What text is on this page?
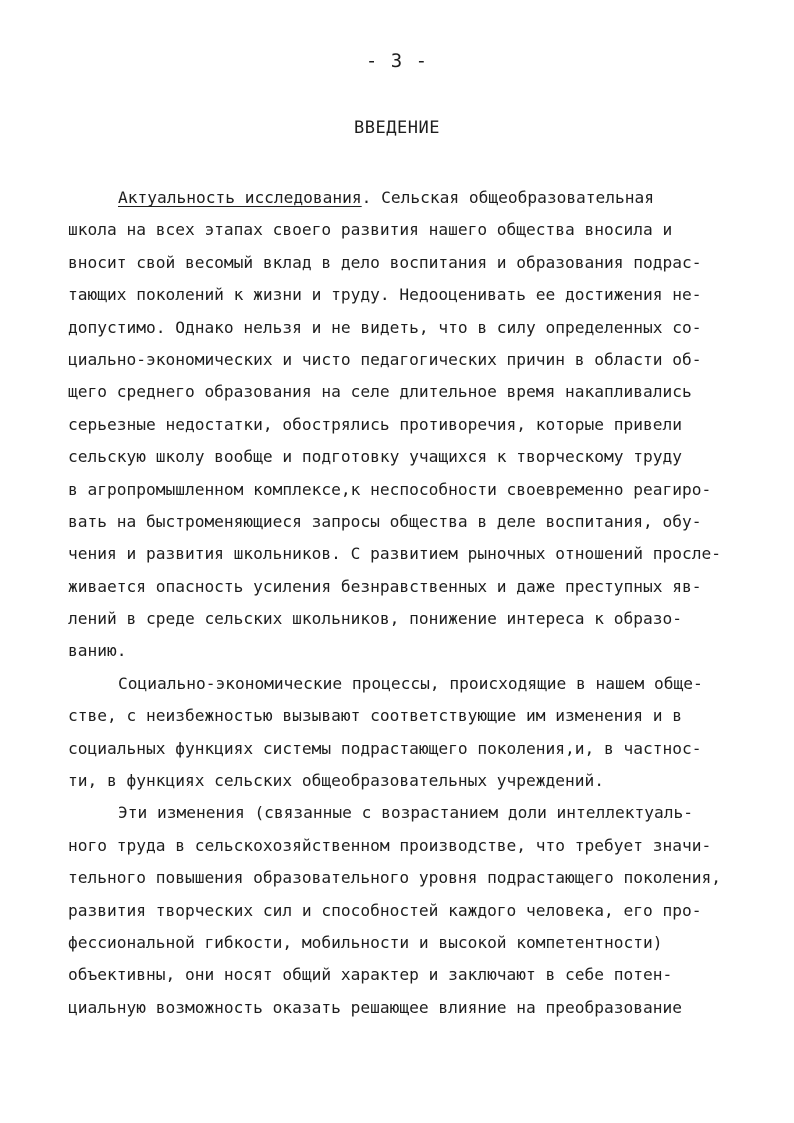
- 3 -
ВВЕДЕНИЕ
Актуальность исследования. Сельская общеобразовательная
школа на всех этапах своего развития нашего общества вносила и
вносит свой весомый вклад в дело воспитания и образования подрас-
тающих поколений к жизни и труду. Недооценивать ее достижения не-
допустимо. Однако нельзя и не видеть, что в силу определенных со-
циально-экономических и чисто педагогических причин в области об-
щего среднего образования на селе длительное время накапливались
серьезные недостатки, обострялись противоречия, которые привели
сельскую школу вообще и подготовку учащихся к творческому труду
в агропромышленном комплексе,к неспособности своевременно реагиро-
вать на быстроменяющиеся запросы общества в деле воспитания, обу-
чения и развития школьников. С развитием рыночных отношений просле-
живается опасность усиления безнравственных и даже преступных яв-
лений в среде сельских школьников, понижение интереса к образо-
ванию.
Социально-экономические процессы, происходящие в нашем обще-
стве, с неизбежностью вызывают соответствующие им изменения и в
социальных функциях системы подрастающего поколения,и, в частнос-
ти, в функциях сельских общеобразовательных учреждений.
Эти изменения (связанные с возрастанием доли интеллектуаль-
ного труда в сельскохозяйственном производстве, что требует значи-
тельного повышения образовательного уровня подрастающего поколения,
развития творческих сил и способностей каждого человека, его про-
фессиональной гибкости, мобильности и высокой компетентности)
объективны, они носят общий характер и заключают в себе потен-
циальную возможность оказать решающее влияние на преобразование
